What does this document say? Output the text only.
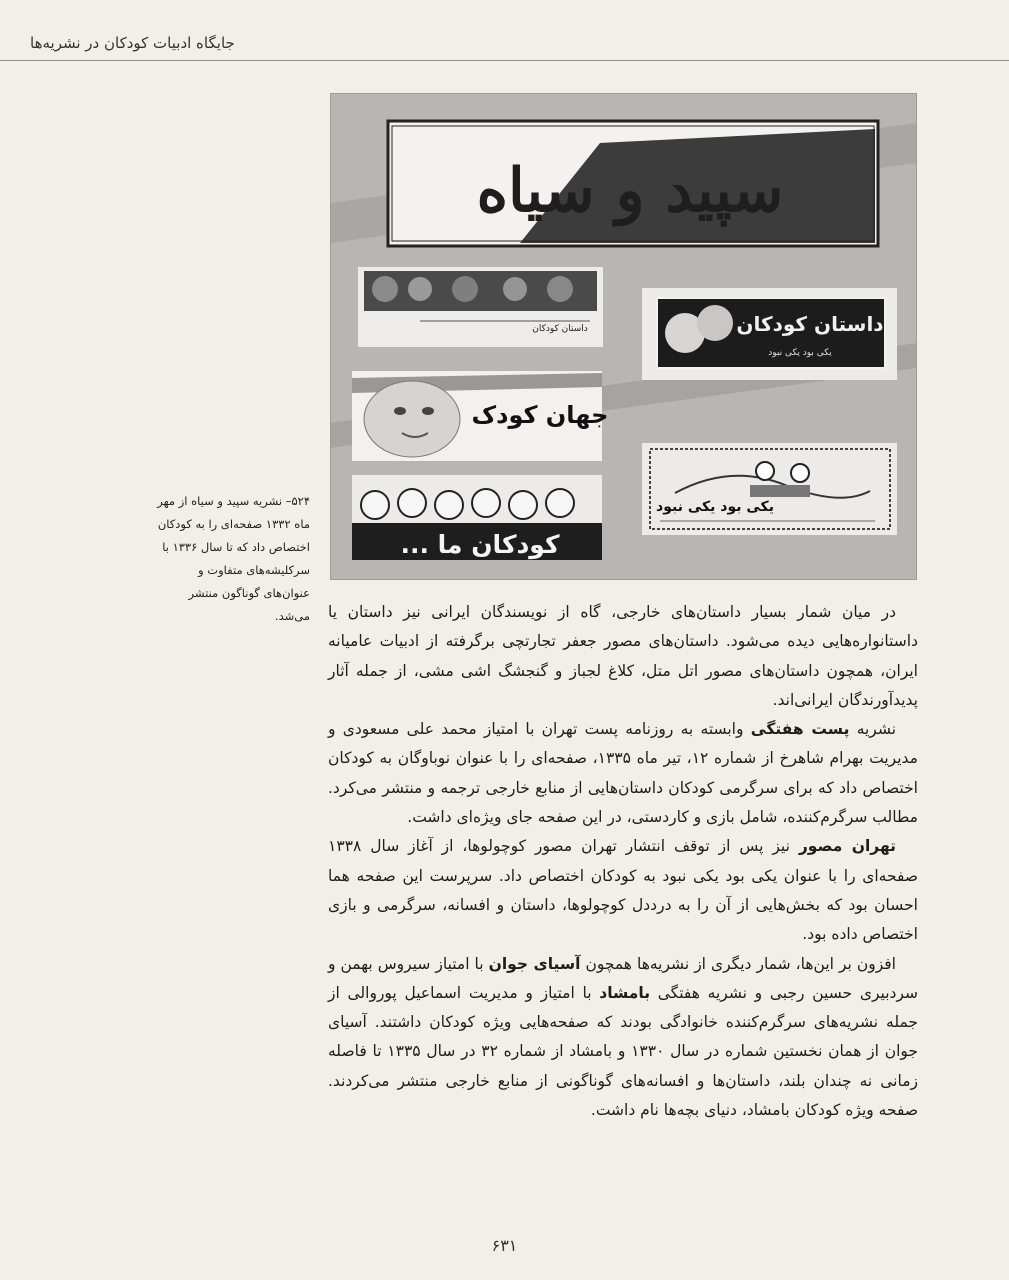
جایگاه ادبیات کودکان در نشریه‌ها
سپید و سیاه
داستان کودکان
جهان کودک
کودکان ما ...
داستان کودکان
یکی بود یکی نبود
یکی بود یکی نبود

۵۲۴– نشریه سپید و سیاه از مهر ماه ۱۳۳۲ صفحه‌ای را به کودکان اختصاص داد که تا سال ۱۳۳۶ با سرکلیشه‌های متفاوت و عنوان‌های گوناگون منتشر می‌شد. در میان شمار بسیار داستان‌های خارجی، گاه از نویسندگان ایرانی نیز داستان یا داستانواره‌هایی دیده می‌شود. داستان‌های مصور جعفر تجارتچی برگرفته از ادبیات عامیانه ایران، همچون داستان‌های مصور اتل متل، کلاغ لجباز و گنجشگ اشی مشی، از جمله آثار پدیدآورندگان ایرانی‌اند.

نشریه پست هفتگی وابسته به روزنامه پست تهران با امتیاز محمد علی مسعودی و مدیریت بهرام شاهرخ از شماره ۱۲، تیر ماه ۱۳۳۵، صفحه‌ای را با عنوان نوباوگان به کودکان اختصاص داد که برای سرگرمی کودکان داستان‌هایی از منابع خارجی ترجمه و منتشر می‌کرد. مطالب سرگرم‌کننده، شامل بازی و کاردستی، در این صفحه جای ویژه‌ای داشت.

تهران مصور نیز پس از توقف انتشار تهران مصور کوچولوها، از آغاز سال ۱۳۳۸ صفحه‌ای را با عنوان یکی بود یکی نبود به کودکان اختصاص داد. سرپرست این صفحه هما احسان بود که بخش‌هایی از آن را به درددل کوچولوها، داستان و افسانه، سرگرمی و بازی اختصاص داده بود.

افزون بر این‌ها، شمار دیگری از نشریه‌ها همچون آسیای جوان با امتیاز سیروس بهمن و سردبیری حسین رجبی و نشریه هفتگی بامشاد با امتیاز و مدیریت اسماعیل پوروالی از جمله نشریه‌های سرگرم‌کننده خانوادگی بودند که صفحه‌هایی ویژه کودکان داشتند. آسیای جوان از همان نخستین شماره در سال ۱۳۳۰ و بامشاد از شماره ۳۲ در سال ۱۳۳۵ تا فاصله زمانی نه چندان بلند، داستان‌ها و افسانه‌های گوناگونی از منابع خارجی منتشر می‌کردند. صفحه ویژه کودکان بامشاد، دنیای بچه‌ها نام داشت.

۶۳۱
